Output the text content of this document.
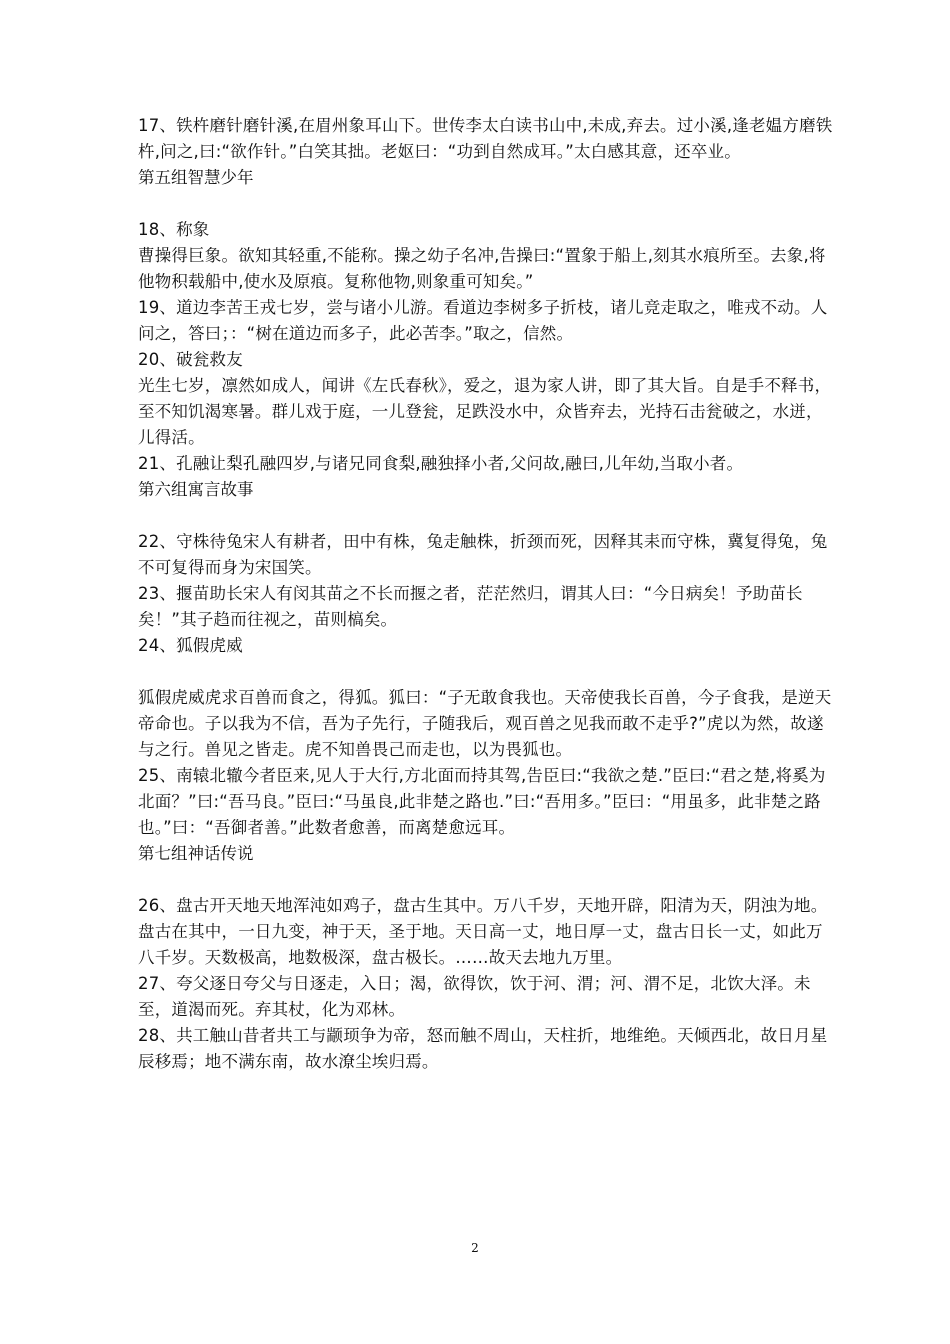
17、铁杵磨针磨针溪,在眉州象耳山下。世传李太白读书山中,未成,弃去。过小溪,逢老媪方磨铁杵,问之,曰:“欲作针。”白笑其拙。老妪曰：“功到自然成耳。”太白感其意，还卒业。

第五组智慧少年

18、称象

曹操得巨象。欲知其轻重,不能称。操之幼子名冲,告操曰:“置象于船上,刻其水痕所至。去象,将他物积载船中,使水及原痕。复称他物,则象重可知矣。”

19、道边李苦王戎七岁，尝与诸小儿游。看道边李树多子折枝，诸儿竞走取之，唯戎不动。人问之，答曰；：“树在道边而多子，此必苦李。”取之，信然。

20、破瓮救友

光生七岁，凛然如成人，闻讲《左氏春秋》，爱之，退为家人讲，即了其大旨。自是手不释书，至不知饥渴寒暑。群儿戏于庭，一儿登瓮，足跌没水中，众皆弃去，光持石击瓮破之，水迸，儿得活。

21、孔融让梨孔融四岁,与诸兄同食梨,融独择小者,父问故,融曰,儿年幼,当取小者。

第六组寓言故事

22、守株待兔宋人有耕者，田中有株，兔走触株，折颈而死，因释其耒而守株，冀复得兔，兔不可复得而身为宋国笑。

23、揠苗助长宋人有闵其苗之不长而揠之者，茫茫然归，谓其人曰：“今日病矣！予助苗长矣！”其子趋而往视之，苗则槁矣。

24、狐假虎威

狐假虎威虎求百兽而食之，得狐。狐曰：“子无敢食我也。天帝使我长百兽，今子食我，是逆天帝命也。子以我为不信，吾为子先行，子随我后，观百兽之见我而敢不走乎?”虎以为然，故遂与之行。兽见之皆走。虎不知兽畏己而走也，以为畏狐也。

25、南辕北辙今者臣来,见人于大行,方北面而持其驾,告臣曰:“我欲之楚.”臣曰:“君之楚,将奚为北面？”曰:“吾马良。”臣曰:“马虽良,此非楚之路也.”曰:“吾用多。”臣曰：“用虽多，此非楚之路也。”曰：“吾御者善。”此数者愈善，而离楚愈远耳。

第七组神话传说

26、盘古开天地天地浑沌如鸡子，盘古生其中。万八千岁，天地开辟，阳清为天，阴浊为地。盘古在其中，一日九变，神于天，圣于地。天日高一丈，地日厚一丈，盘古日长一丈，如此万八千岁。天数极高，地数极深，盘古极长。……故天去地九万里。

27、夸父逐日夸父与日逐走，入日；渴，欲得饮，饮于河、渭；河、渭不足，北饮大泽。未至，道渴而死。弃其杖，化为邓林。

28、共工触山昔者共工与颛顼争为帝，怒而触不周山，天柱折，地维绝。天倾西北，故日月星辰移焉；地不满东南，故水潦尘埃归焉。

2
